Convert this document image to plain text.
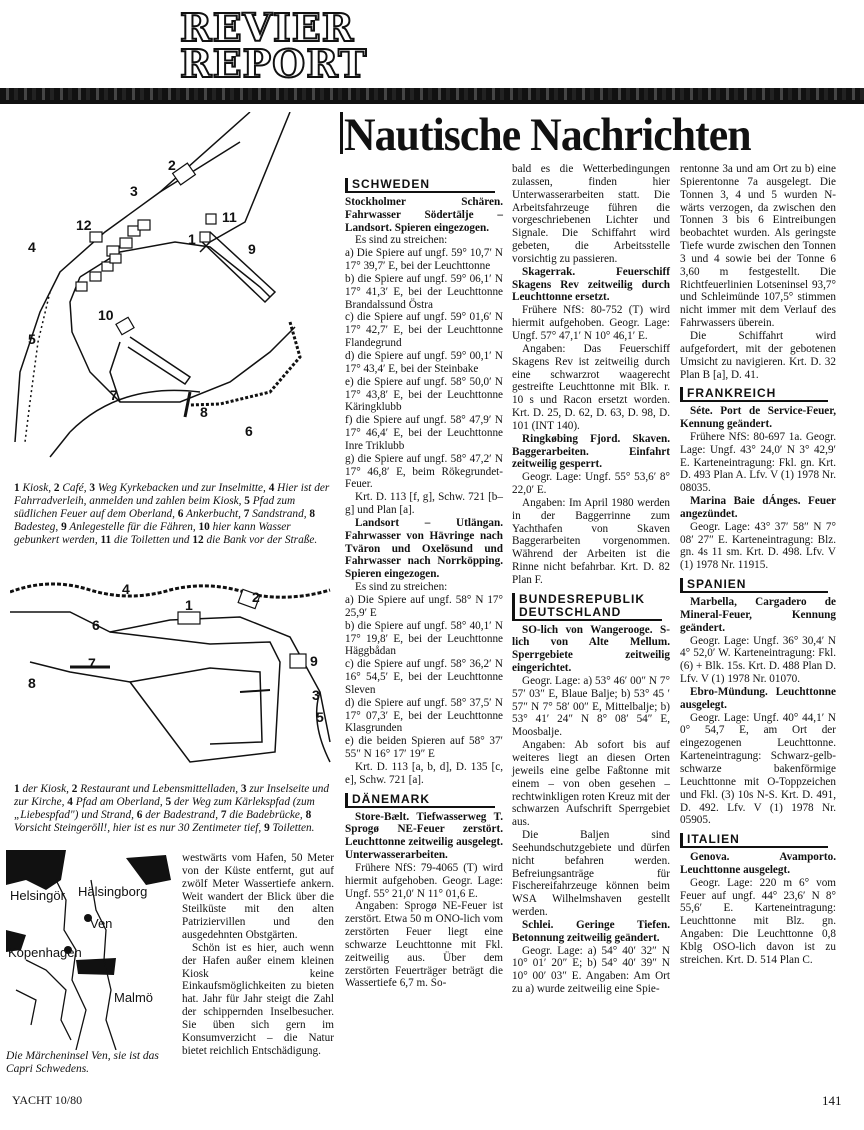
REVIER
REPORT
Nautische Nachrichten
2
3
1
11
12
9
4
10
5
7
8
6
1 Kiosk, 2 Café, 3 Weg Kyrkebacken und zur Inselmitte, 4 Hier ist der Fahrradverleih, anmelden und zahlen beim Kiosk, 5 Pfad zum südlichen Feuer auf dem Oberland, 6 Ankerbucht, 7 Sandstrand, 8 Badesteg, 9 Anlegestelle für die Fähren, 10 hier kann Wasser gebunkert werden, 11 die Toiletten und 12 die Bank vor der Straße.
4	2
1
6
7
8
9
3
5
1 der Kiosk, 2 Restaurant und Lebensmittelladen, 3 zur Inselseite und zur Kirche, 4 Pfad am Oberland, 5 der Weg zum Kärlekspfad (zum „Liebespfad") und Strand, 6 der Badestrand, 7 die Badebrücke, 8 Vorsicht Steingeröll!, hier ist es nur 30 Zentimeter tief, 9 Toiletten.
Helsingör Hälsingborg
Ven
Kopenhagen
Malmö
Die Märcheninsel Ven, sie ist das Capri Schwedens.

westwärts vom Hafen, 50 Meter von der Küste entfernt, gut auf zwölf Meter Wassertiefe ankern. Weit wandert der Blick über die Steilküste mit den alten Patriziervillen und den ausgedehnten Obstgärten.

Schön ist es hier, auch wenn der Hafen außer einem kleinen Kiosk keine Einkaufsmöglichkeiten zu bieten hat. Jahr für Jahr steigt die Zahl der schippernden Inselbesucher. Sie üben sich gern im Konsumverzicht – die Natur bietet reichlich Entschädigung.

SCHWEDEN

Stockholmer Schären. Fahrwasser Södertälje – Landsort. Spieren eingezogen.

Es sind zu streichen:

a) Die Spiere auf ungf. 59° 10,7′ N 17° 39,7′ E, bei der Leuchttonne

b) die Spiere auf ungf. 59° 06,1′ N 17° 41,3′ E, bei der Leuchttonne Brandalssund Östra

c) die Spiere auf ungf. 59° 01,6′ N 17° 42,7′ E, bei der Leuchttonne Flandegrund

d) die Spiere auf ungf. 59° 00,1′ N 17° 43,4′ E, bei der Steinbake

e) die Spiere auf ungf. 58° 50,0′ N 17° 43,8′ E, bei der Leuchttonne Käringklubb

f) die Spiere auf ungf. 58° 47,9′ N 17° 46,4′ E, bei der Leuchttonne Inre Triklubb

g) die Spiere auf ungf. 58° 47,2′ N 17° 46,8′ E, beim Rökegrundet-Feuer.

Krt. D. 113 [f, g], Schw. 721 [b–g] und Plan [a].

Landsort – Utlängan. Fahrwasser von Hävringe nach Tväron und Oxelösund und Fahrwasser nach Norrköpping. Spieren eingezogen.

Es sind zu streichen:

a) Die Spiere auf ungf. 58° N 17° 25,9′ E

b) die Spiere auf ungf. 58° 40,1′ N 17° 19,8′ E, bei der Leuchttonne Häggbådan

c) die Spiere auf ungf. 58° 36,2′ N 16° 54,5′ E, bei der Leuchttonne Sleven

d) die Spiere auf ungf. 58° 37,5′ N 17° 07,3′ E, bei der Leuchttonne Klasgrunden

e) die beiden Spieren auf 58° 37′ 55″ N 16° 17′ 19″ E

Krt. D. 113 [a, b, d], D. 135 [c, e], Schw. 721 [a].

DÄNEMARK

Store-Bælt. Tiefwasserweg T. Sprogø NE-Feuer zerstört. Leuchttonne zeitweilig ausgelegt. Unterwasserarbeiten.

Frühere NfS: 79-4065 (T) wird hiermit aufgehoben. Geogr. Lage: Ungf. 55° 21,0′ N 11° 01,6 E.

Angaben: Sprogø NE-Feuer ist zerstört. Etwa 50 m ONO-lich vom zerstörten Feuer liegt eine schwarze Leuchttonne mit Fkl. zeitweilig aus. Über dem zerstörten Feuerträger beträgt die Wassertiefe 6,7 m. So-

bald es die Wetterbedingungen zulassen, finden hier Unterwasserarbeiten statt. Die Arbeitsfahrzeuge führen die vorgeschriebenen Lichter und Signale. Die Schiffahrt wird gebeten, die Arbeitsstelle vorsichtig zu passieren.

Skagerrak. Feuerschiff Skagens Rev zeitweilig durch Leuchttonne ersetzt.

Frühere NfS: 80-752 (T) wird hiermit aufgehoben. Geogr. Lage: Ungf. 57° 47,1′ N 10° 46,1′ E.

Angaben: Das Feuerschiff Skagens Rev ist zeitweilig durch eine schwarzrot waagerecht gestreifte Leuchttonne mit Blk. r. 10 s und Racon ersetzt worden. Krt. D. 25, D. 62, D. 63, D. 98, D. 101 (INT 140).

Ringkøbing Fjord. Skaven. Baggerarbeiten. Einfahrt zeitweilig gesperrt.

Geogr. Lage: Ungf. 55° 53,6′ 8° 22,0′ E.

Angaben: Im April 1980 werden in der Baggerrinne zum Yachthafen von Skaven Baggerarbeiten vorgenommen. Während der Arbeiten ist die Rinne nicht befahrbar. Krt. D. 82 Plan F.

BUNDESREPUBLIK DEUTSCHLAND

SO-lich von Wangerooge. S-lich von Alte Mellum. Sperrgebiete zeitweilig eingerichtet.

Geogr. Lage: a) 53° 46′ 00″ N 7° 57′ 03″ E, Blaue Balje; b) 53° 45 ′ 57″ N 7° 58′ 00″ E, Mittelbalje; b) 53° 41′ 24″ N 8° 08′ 54″ E, Moosbalje.

Angaben: Ab sofort bis auf weiteres liegt an diesen Orten jeweils eine gelbe Faßtonne mit einem – von oben gesehen – rechtwinkligen roten Kreuz mit der schwarzen Aufschrift Sperrgebiet aus.

Die Baljen sind Seehundschutzgebiete und dürfen nicht befahren werden. Befreiungsanträge für Fischereifahrzeuge können beim WSA Wilhelmshaven gestellt werden.

Schlei. Geringe Tiefen. Betonnung zeitweilig geändert.

Geogr. Lage: a) 54° 40′ 32″ N 10° 01′ 20″ E; b) 54° 40′ 39″ N 10° 00′ 03″ E. Angaben: Am Ort zu a) wurde zeitweilig eine Spie-

rentonne 3a und am Ort zu b) eine Spierentonne 7a ausgelegt. Die Tonnen 3, 4 und 5 wurden N-wärts verzogen, da zwischen den Tonnen 3 bis 6 Eintreibungen beobachtet wurden. Als geringste Tiefe wurde zwischen den Tonnen 3 und 4 sowie bei der Tonne 6 3,60 m festgestellt. Die Richtfeuerlinien Lotseninsel 93,7° und Schleimünde 107,5° stimmen nicht immer mit dem Verlauf des Fahrwassers überein.

Die Schiffahrt wird aufgefordert, mit der gebotenen Umsicht zu navigieren. Krt. D. 32 Plan B [a], D. 41.

FRANKREICH

Séte. Port de Service-Feuer, Kennung geändert.

Frühere NfS: 80-697 1a. Geogr. Lage: Ungf. 43° 24,0′ N 3° 42,9′ E. Karteneintragung: Fkl. gn. Krt. D. 493 Plan A. Lfv. V (1) 1978 Nr. 08035.

Marina Baie dÁnges. Feuer angezündet.

Geogr. Lage: 43° 37′ 58″ N 7° 08′ 27″ E. Karteneintragung: Blz. gn. 4s 11 sm. Krt. D. 498. Lfv. V (1) 1978 Nr. 11915.

SPANIEN

Marbella, Cargadero de Mineral-Feuer, Kennung geändert.

Geogr. Lage: Ungf. 36° 30,4′ N 4° 52,0′ W. Karteneintragung: Fkl. (6) + Blk. 15s. Krt. D. 488 Plan D. Lfv. V (1) 1978 Nr. 01070.

Ebro-Mündung. Leuchttonne ausgelegt.

Geogr. Lage: Ungf. 40° 44,1′ N 0° 54,7 E, am Ort der eingezogenen Leuchttonne. Karteneintragung: Schwarz-gelb-schwarze bakenförmige Leuchttonne mit O-Toppzeichen und Fkl. (3) 10s N-S. Krt. D. 491, D. 492. Lfv. V (1) 1978 Nr. 05905.

ITALIEN

Genova. Avamporto. Leuchttonne ausgelegt.

Geogr. Lage: 220 m 6° vom Feuer auf ungf. 44° 23,6′ N 8° 55,6′ E. Karteneintragung: Leuchttonne mit Blz. gn. Angaben: Die Leuchttonne 0,8 Kblg OSO-lich davon ist zu streichen. Krt. D. 514 Plan C.

YACHT 10/80	141
